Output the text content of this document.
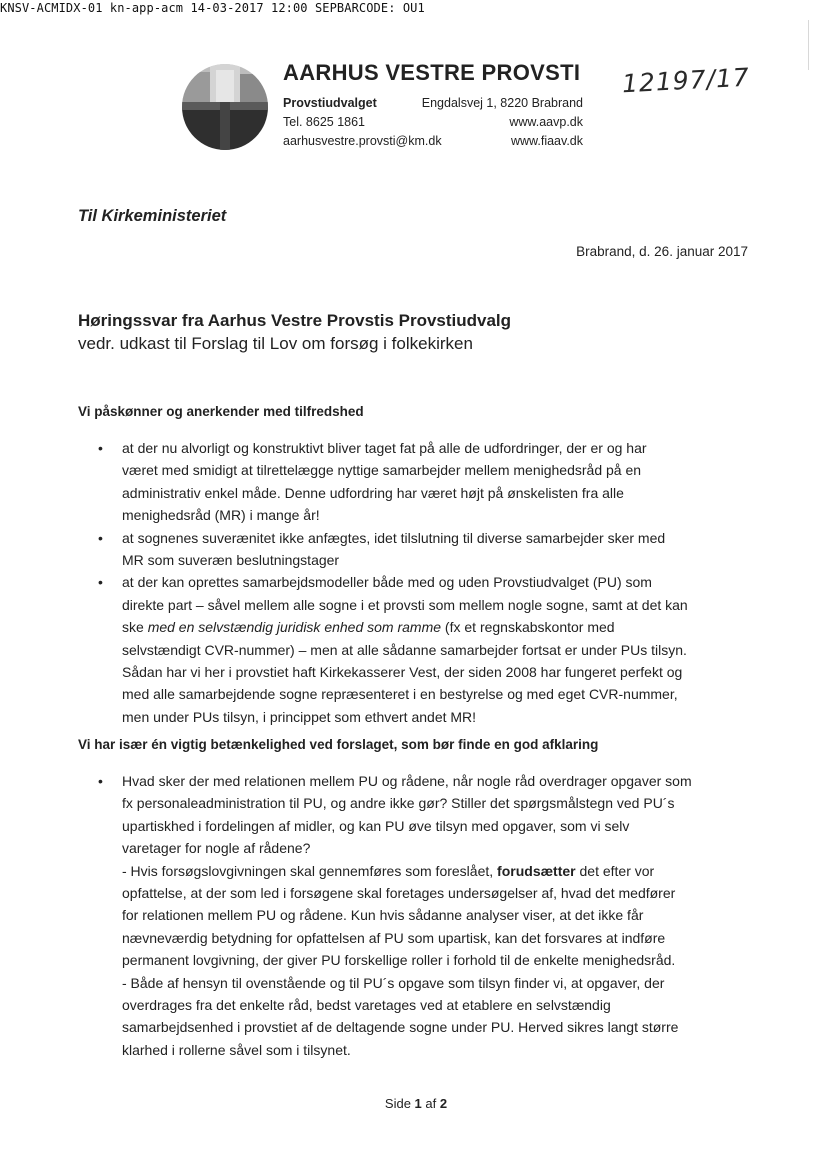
KNSV-ACMIDX-01 kn-app-acm 14-03-2017 12:00 SEPBARCODE: OU1
AARHUS VESTRE PROVSTI
Provstiudvalget	Engdalsvej 1, 8220 Brabrand
Tel. 8625 1861	www.aavp.dk
aarhusvestre.provsti@km.dk	www.fiaav.dk
12197/17
Til Kirkeministeriet
Brabrand, d. 26. januar 2017
Høringssvar fra Aarhus Vestre Provstis Provstiudvalg
vedr. udkast til Forslag til Lov om forsøg i folkekirken
Vi påskønner og anerkender med tilfredshed
• at der nu alvorligt og konstruktivt bliver taget fat på alle de udfordringer, der er og har
været med smidigt at tilrettelægge nyttige samarbejder mellem menighedsråd på en
administrativ enkel måde. Denne udfordring har været højt på ønskelisten fra alle
menighedsråd (MR) i mange år!
• at sognenes suverænitet ikke anfægtes, idet tilslutning til diverse samarbejder sker med
MR som suveræn beslutningstager
• at der kan oprettes samarbejdsmodeller både med og uden Provstiudvalget (PU) som
direkte part – såvel mellem alle sogne i et provsti som mellem nogle sogne, samt at det kan
ske med en selvstændig juridisk enhed som ramme (fx et regnskabskontor med
selvstændigt CVR-nummer) – men at alle sådanne samarbejder fortsat er under PUs tilsyn.
Sådan har vi her i provstiet haft Kirkekasserer Vest, der siden 2008 har fungeret perfekt og
med alle samarbejdende sogne repræsenteret i en bestyrelse og med eget CVR-nummer,
men under PUs tilsyn, i princippet som ethvert andet MR!
Vi har især én vigtig betænkelighed ved forslaget, som bør finde en god afklaring
• Hvad sker der med relationen mellem PU og rådene, når nogle råd overdrager opgaver som
fx personaleadministration til PU, og andre ikke gør? Stiller det spørgsmålstegn ved PU´s
upartiskhed i fordelingen af midler, og kan PU øve tilsyn med opgaver, som vi selv
varetager for nogle af rådene?
- Hvis forsøgslovgivningen skal gennemføres som foreslået, forudsætter det efter vor
opfattelse, at der som led i forsøgene skal foretages undersøgelser af, hvad det medfører
for relationen mellem PU og rådene. Kun hvis sådanne analyser viser, at det ikke får
nævneværdig betydning for opfattelsen af PU som upartisk, kan det forsvares at indføre
permanent lovgivning, der giver PU forskellige roller i forhold til de enkelte menighedsråd.
- Både af hensyn til ovenstående og til PU´s opgave som tilsyn finder vi, at opgaver, der
overdrages fra det enkelte råd, bedst varetages ved at etablere en selvstændig
samarbejdsenhed i provstiet af de deltagende sogne under PU. Herved sikres langt større
klarhed i rollerne såvel som i tilsynet.
Side 1 af 2
